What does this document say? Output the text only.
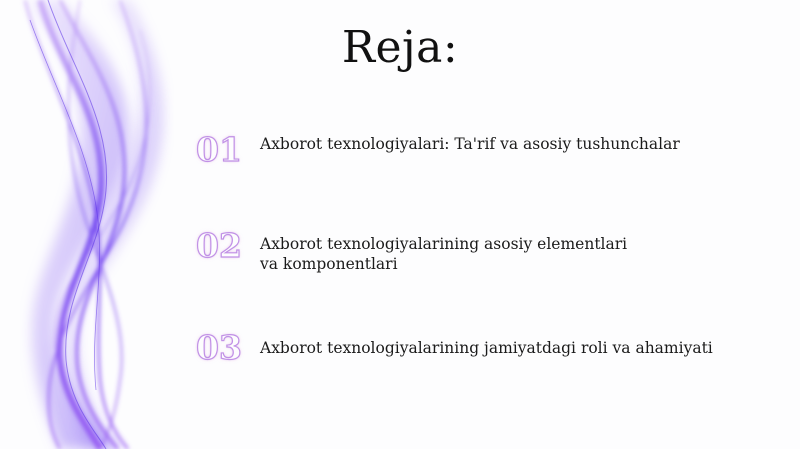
Reja:
01	Axborot texnologiyalari: Ta'rif va asosiy tushunchalar
02	Axborot texnologiyalarining asosiy elementlari va komponentlari
03	Axborot texnologiyalarining jamiyatdagi roli va ahamiyati
